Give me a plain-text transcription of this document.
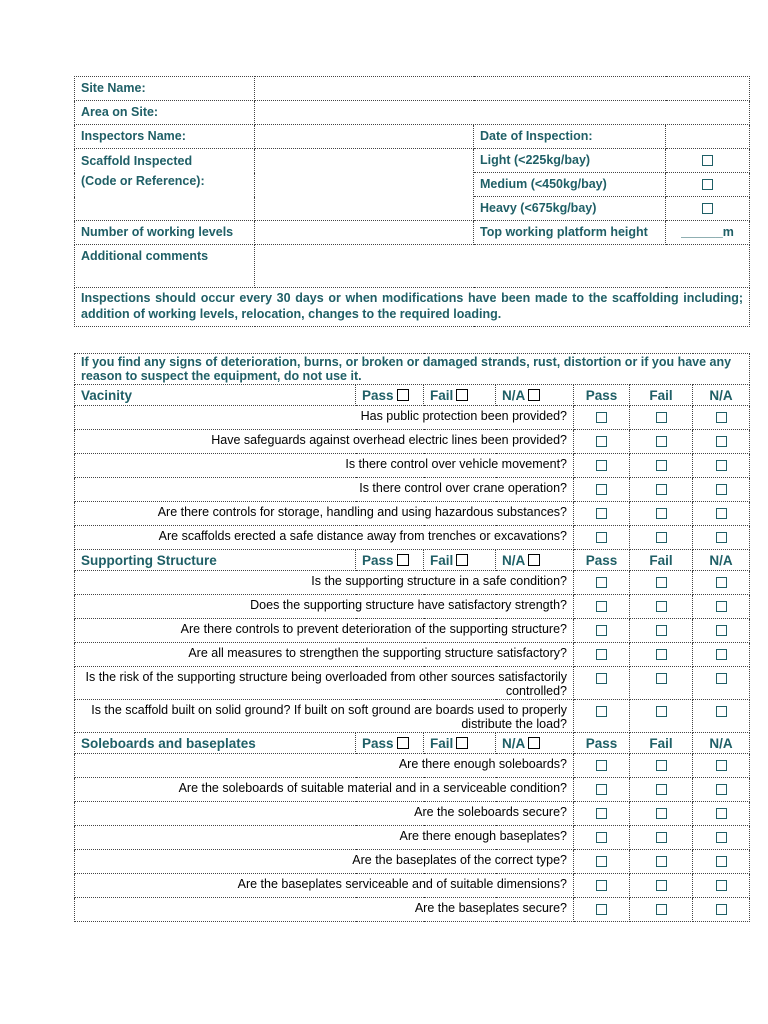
Site Name:			
Area on Site:			
Inspectors Name:		Date of Inspection:	

Scaffold Inspected
(Code or Reference):		Light (<225kg/bay)	
		Medium (<450kg/bay)	
		Heavy (<675kg/bay)	
Number of working levels		Top working platform height	______m
Additional comments			
Inspections should occur every 30 days or when modifications have been made to the scaffolding including; addition of working levels, relocation, changes to the required loading.			
If you find any signs of deterioration, burns, or broken or damaged strands, rust, distortion or if you have any reason to suspect the equipment, do not use it.						
Vacinity	Pass	Fail	N/A	Pass	Fail	N/A
Has public protection been provided?						
Have safeguards against overhead electric lines been provided?						
Is there control over vehicle movement?						
Is there control over crane operation?						
Are there controls for storage, handling and using hazardous substances?						
Are scaffolds erected a safe distance away from trenches or excavations?						
Supporting Structure	Pass	Fail	N/A	Pass	Fail	N/A
Is the supporting structure in a safe condition?						
Does the supporting structure have satisfactory strength?						
Are there controls to prevent deterioration of the supporting structure?						
Are all measures to strengthen the supporting structure satisfactory?						
Is the risk of the supporting structure being overloaded from other sources satisfactorily controlled?						
Is the scaffold built on solid ground? If built on soft ground are boards used to properly distribute the load?						
Soleboards and baseplates	Pass	Fail	N/A	Pass	Fail	N/A
Are there enough soleboards?						
Are the soleboards of suitable material and in a serviceable condition?						
Are the soleboards secure?						
Are there enough baseplates?						
Are the baseplates of the correct type?						
Are the baseplates serviceable and of suitable dimensions?						
Are the baseplates secure?						
